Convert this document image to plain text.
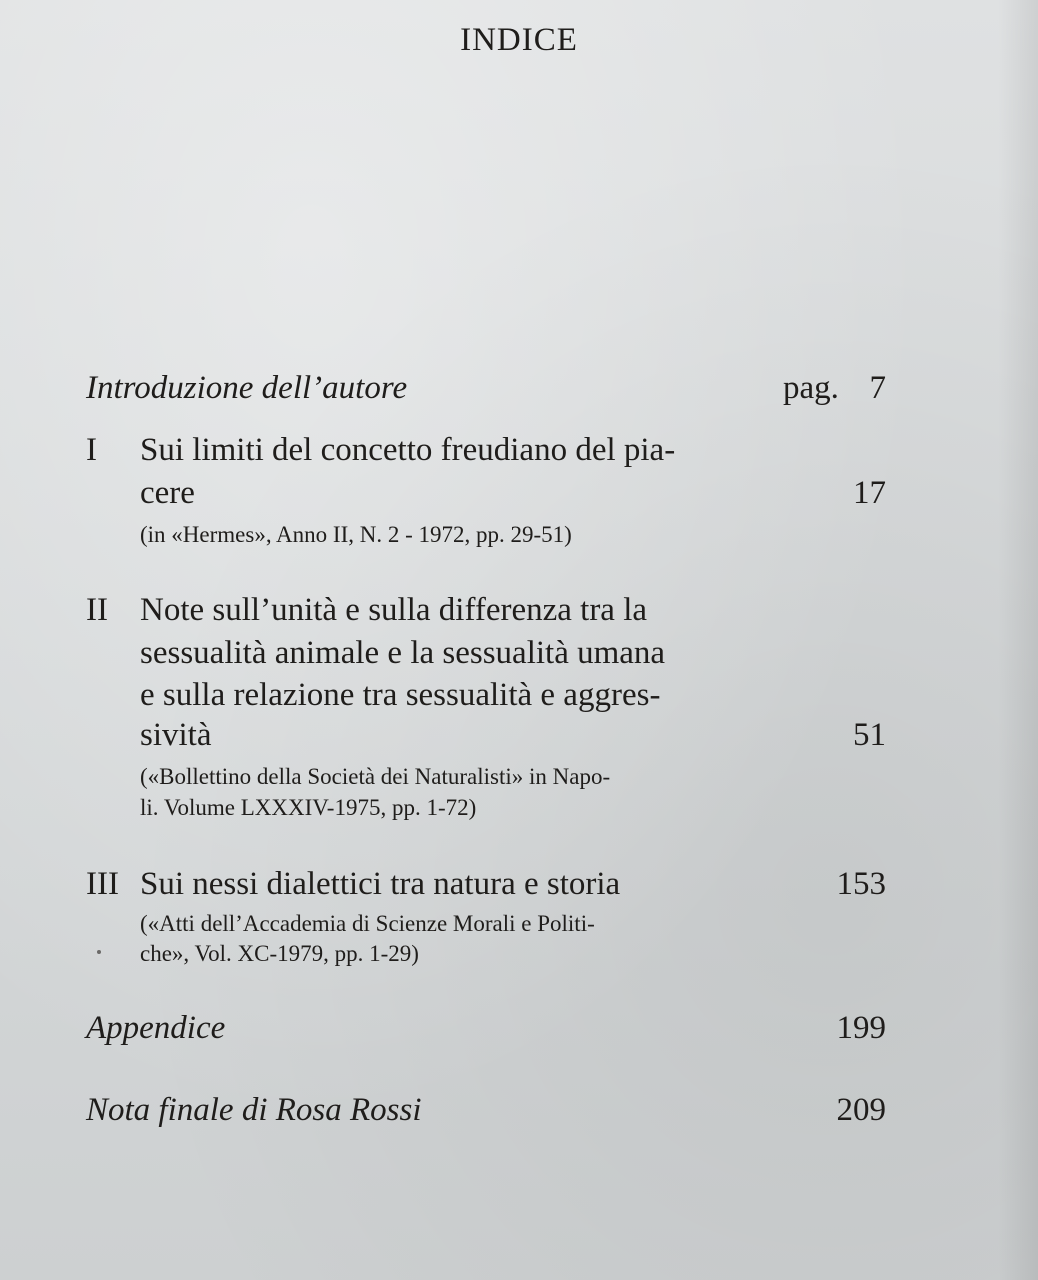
INDICE
Introduzione dell’autore	pag. 7
I Sui limiti del concetto freudiano del pia-
cere	17
(in «Hermes», Anno II, N. 2 - 1972, pp. 29-51)
II Note sull’unità e sulla differenza tra la
sessualità animale e la sessualità umana
e sulla relazione tra sessualità e aggres-
sività	51
(«Bollettino della Società dei Naturalisti» in Napo-
li. Volume LXXXIV-1975, pp. 1-72)
III Sui nessi dialettici tra natura e storia	153
(«Atti dell’Accademia di Scienze Morali e Politi-
che», Vol. XC-1979, pp. 1-29)
Appendice	199
Nota finale di Rosa Rossi	209
